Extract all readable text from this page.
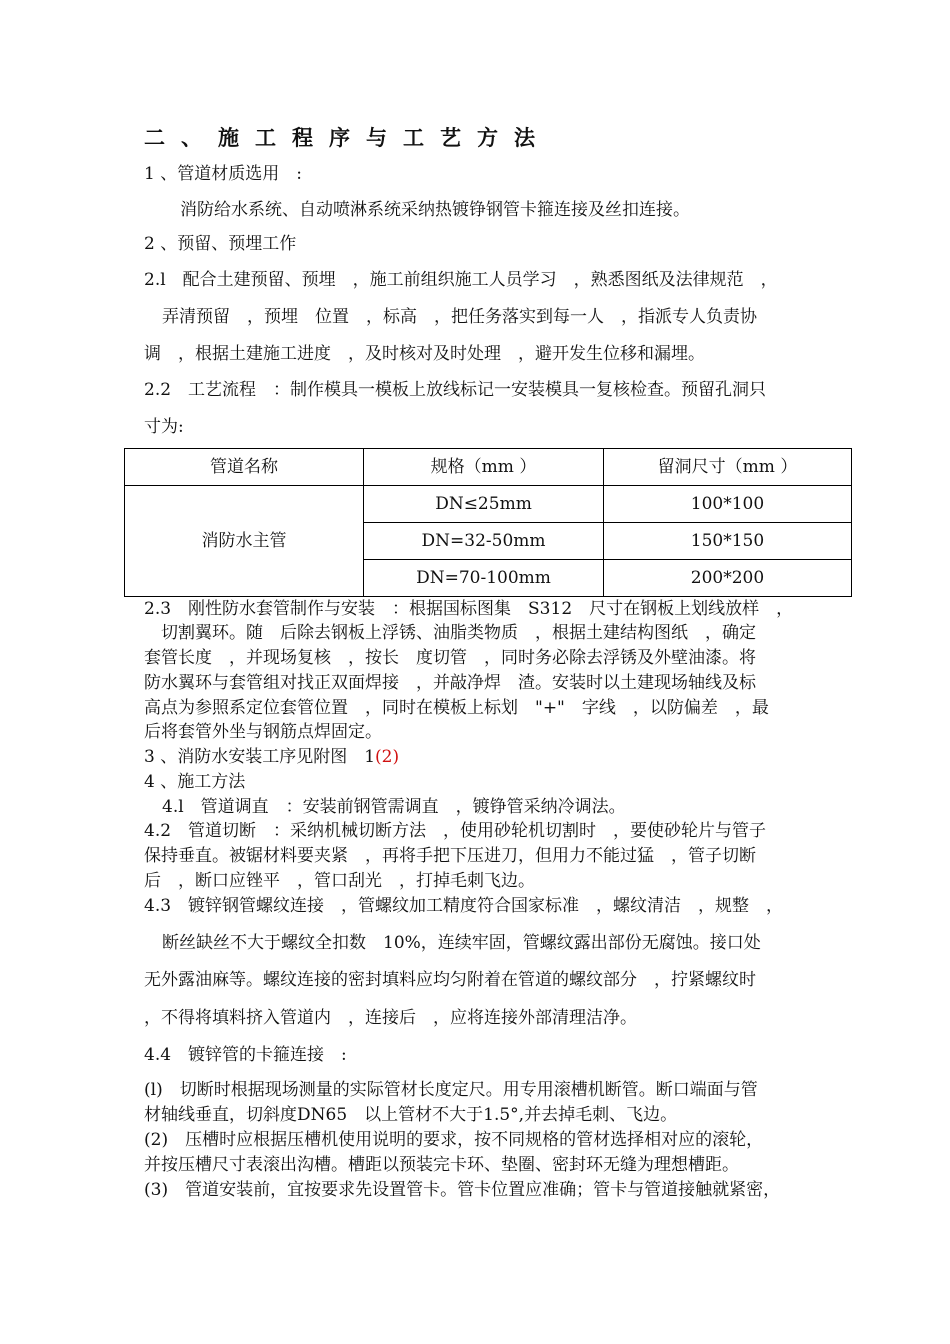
二、施工程序与工艺方法
1 、管道材质选用　:
消防给水系统、自动喷淋系统采纳热镀铮钢管卡箍连接及丝扣连接。
2 、预留、预埋工作
2.l　配合土建预留、预埋　，施工前组织施工人员学习　，熟悉图纸及法律规范　，
弄清预留　，预埋　位置　，标高　，把任务落实到每一人　，指派专人负责协
调　，根据土建施工进度　，及时核对及时处理　，避开发生位移和漏埋。
2.2　工艺流程　：制作模具一模板上放线标记一安装模具一复核检查。预留孔洞只
寸为:
管道名称	规格（mm ）	留洞尺寸（mm ）
消防水主管	DN≤25mm	100*100
	DN=32-50mm	150*150
	DN=70-100mm	200*200
2.3　刚性防水套管制作与安装　：根据国标图集　S312　尺寸在钢板上划线放样　，
　切割翼环。随　后除去钢板上浮锈、油脂类物质　，根据土建结构图纸　，确定
套管长度　，并现场复核　，按长　度切管　，同时务必除去浮锈及外壁油漆。将
防水翼环与套管组对找正双面焊接　，并敲净焊　渣。安装时以土建现场轴线及标
高点为参照系定位套管位置　，同时在模板上标划　"+"　字线　，以防偏差　，最
后将套管外坐与钢筋点焊固定。
3 、消防水安装工序见附图　1(2)
4 、施工方法
4.l　管道调直　：安装前钢管需调直　，镀铮管采纳冷调法。
4.2　管道切断　：采纳机械切断方法　，使用砂轮机切割时　，要使砂轮片与管子
保持垂直。被锯材料要夹紧　，再将手把下压进刀，但用力不能过猛　，管子切断
后　，断口应锉平　，管口刮光　，打掉毛刺飞边。
4.3　镀锌钢管螺纹连接　，管螺纹加工精度符合国家标准　，螺纹清洁　，规整　，
断丝缺丝不大于螺纹全扣数　10%，连续牢固，管螺纹露出部份无腐蚀。接口处
无外露油麻等。螺纹连接的密封填料应均匀附着在管道的螺纹部分　，拧紧螺纹时
，不得将填料挤入管道内　，连接后　，应将连接外部清理洁净。
4.4　镀锌管的卡箍连接　:
(l)　切断时根据现场测量的实际管材长度定尺。用专用滚槽机断管。断口端面与管
材轴线垂直，切斜度DN65　以上管材不大于1.5°,并去掉毛刺、飞边。
(2)　压槽时应根据压槽机使用说明的要求，按不同规格的管材选择相对应的滚轮，
并按压槽尺寸表滚出沟槽。槽距以预装完卡环、垫圈、密封环无缝为理想槽距。
(3)　管道安装前，宜按要求先设置管卡。管卡位置应准确；管卡与管道接触就紧密，
